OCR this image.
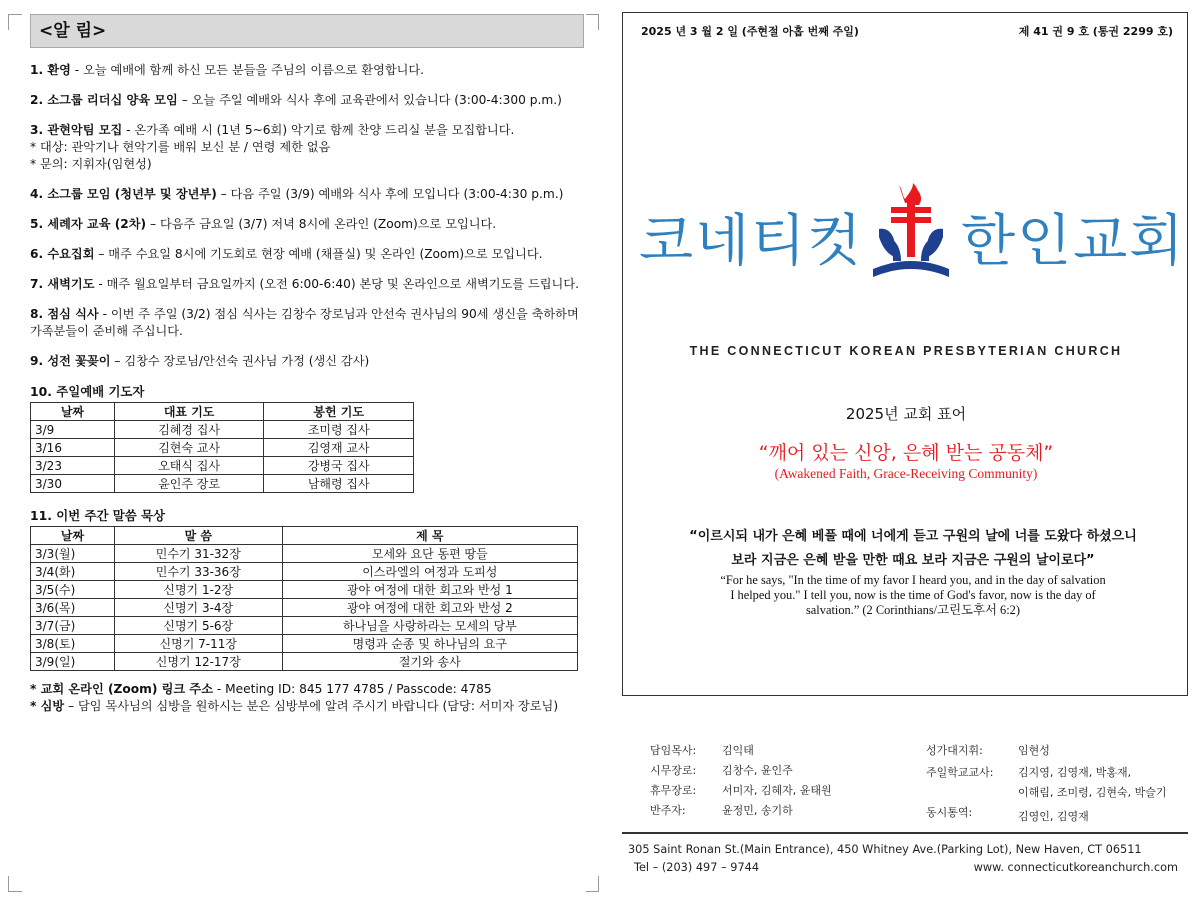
<알 림>
1. 환영 - 오늘 예배에 함께 하신 모든 분들을 주님의 이름으로 환영합니다.
2. 소그룹 리더십 양육 모임 – 오늘 주일 예배와 식사 후에 교육관에서 있습니다 (3:00-4:300 p.m.)
3. 관현악팀 모집 - 온가족 예배 시 (1년 5~6회) 악기로 함께 찬양 드리실 분을 모집합니다.
* 대상: 관악기나 현악기를 배워 보신 분 / 연령 제한 없음
* 문의: 지휘자(임현성)
4. 소그룹 모임 (청년부 및 장년부) – 다음 주일 (3/9) 예배와 식사 후에 모입니다 (3:00-4:30 p.m.)
5. 세례자 교육 (2차) – 다음주 금요일 (3/7) 저녁 8시에 온라인 (Zoom)으로 모입니다.
6. 수요집회 – 매주 수요일 8시에 기도회로 현장 예배 (채플실) 및 온라인 (Zoom)으로 모입니다.
7. 새벽기도 - 매주 월요일부터 금요일까지 (오전 6:00-6:40) 본당 및 온라인으로 새벽기도를 드립니다.
8. 점심 식사 - 이번 주 주일 (3/2) 점심 식사는 김창수 장로님과 안선숙 권사님의 90세 생신을 축하하며 가족분들이 준비해 주십니다.
9. 성전 꽃꽂이 – 김창수 장로님/안선숙 권사님 가정 (생신 감사)
10. 주일예배 기도자
날짜	대표 기도	봉헌 기도
3/9	김혜경 집사	조미령 집사
3/16	김현숙 교사	김영재 교사
3/23	오태식 집사	강병국 집사
3/30	윤인주 장로	남해령 집사
11. 이번 주간 말씀 묵상
날짜	말 씀	제 목
3/3(월)	민수기 31-32장	모세와 요단 동편 땅들
3/4(화)	민수기 33-36장	이스라엘의 여정과 도피성
3/5(수)	신명기 1-2장	광야 여정에 대한 회고와 반성 1
3/6(목)	신명기 3-4장	광야 여정에 대한 회고와 반성 2
3/7(금)	신명기 5-6장	하나님을 사랑하라는 모세의 당부
3/8(토)	신명기 7-11장	명령과 순종 및 하나님의 요구
3/9(일)	신명기 12-17장	절기와 송사
* 교회 온라인 (Zoom) 링크 주소 - Meeting ID: 845 177 4785 / Passcode: 4785
* 심방 – 담임 목사님의 심방을 원하시는 분은 심방부에 알려 주시기 바랍니다 (담당: 서미자 장로님)
2025 년 3 월 2 일 (주현절 아홉 번째 주일)	제 41 권 9 호 (통권 2299 호)
코네티컷 한인교회
THE CONNECTICUT KOREAN PRESBYTERIAN CHURCH
2025년 교회 표어
“깨어 있는 신앙, 은혜 받는 공동체”
(Awakened Faith, Grace-Receiving Community)
“이르시되 내가 은혜 베풀 때에 너에게 듣고 구원의 날에 너를 도왔다 하셨으니
보라 지금은 은혜 받을 만한 때요 보라 지금은 구원의 날이로다”
“For he says, "In the time of my favor I heard you, and in the day of salvation
I helped you." I tell you, now is the time of God's favor, now is the day of
salvation.” (2 Corinthians/고린도후서 6:2)
담임목사: 김익태
시무장로: 김창수, 윤인주
휴무장로: 서미자, 김혜자, 윤태원
반주자:	윤정민, 송기하
성가대지휘:	임현성
주일학교교사: 김지영, 김영재, 박홍재,
이해림, 조미령, 김현숙, 박슬기
동시통역:	김영인, 김영재
305 Saint Ronan St.(Main Entrance), 450 Whitney Ave.(Parking Lot), New Haven, CT 06511
Tel – (203) 497 – 9744	www. connecticutkoreanchurch.com
